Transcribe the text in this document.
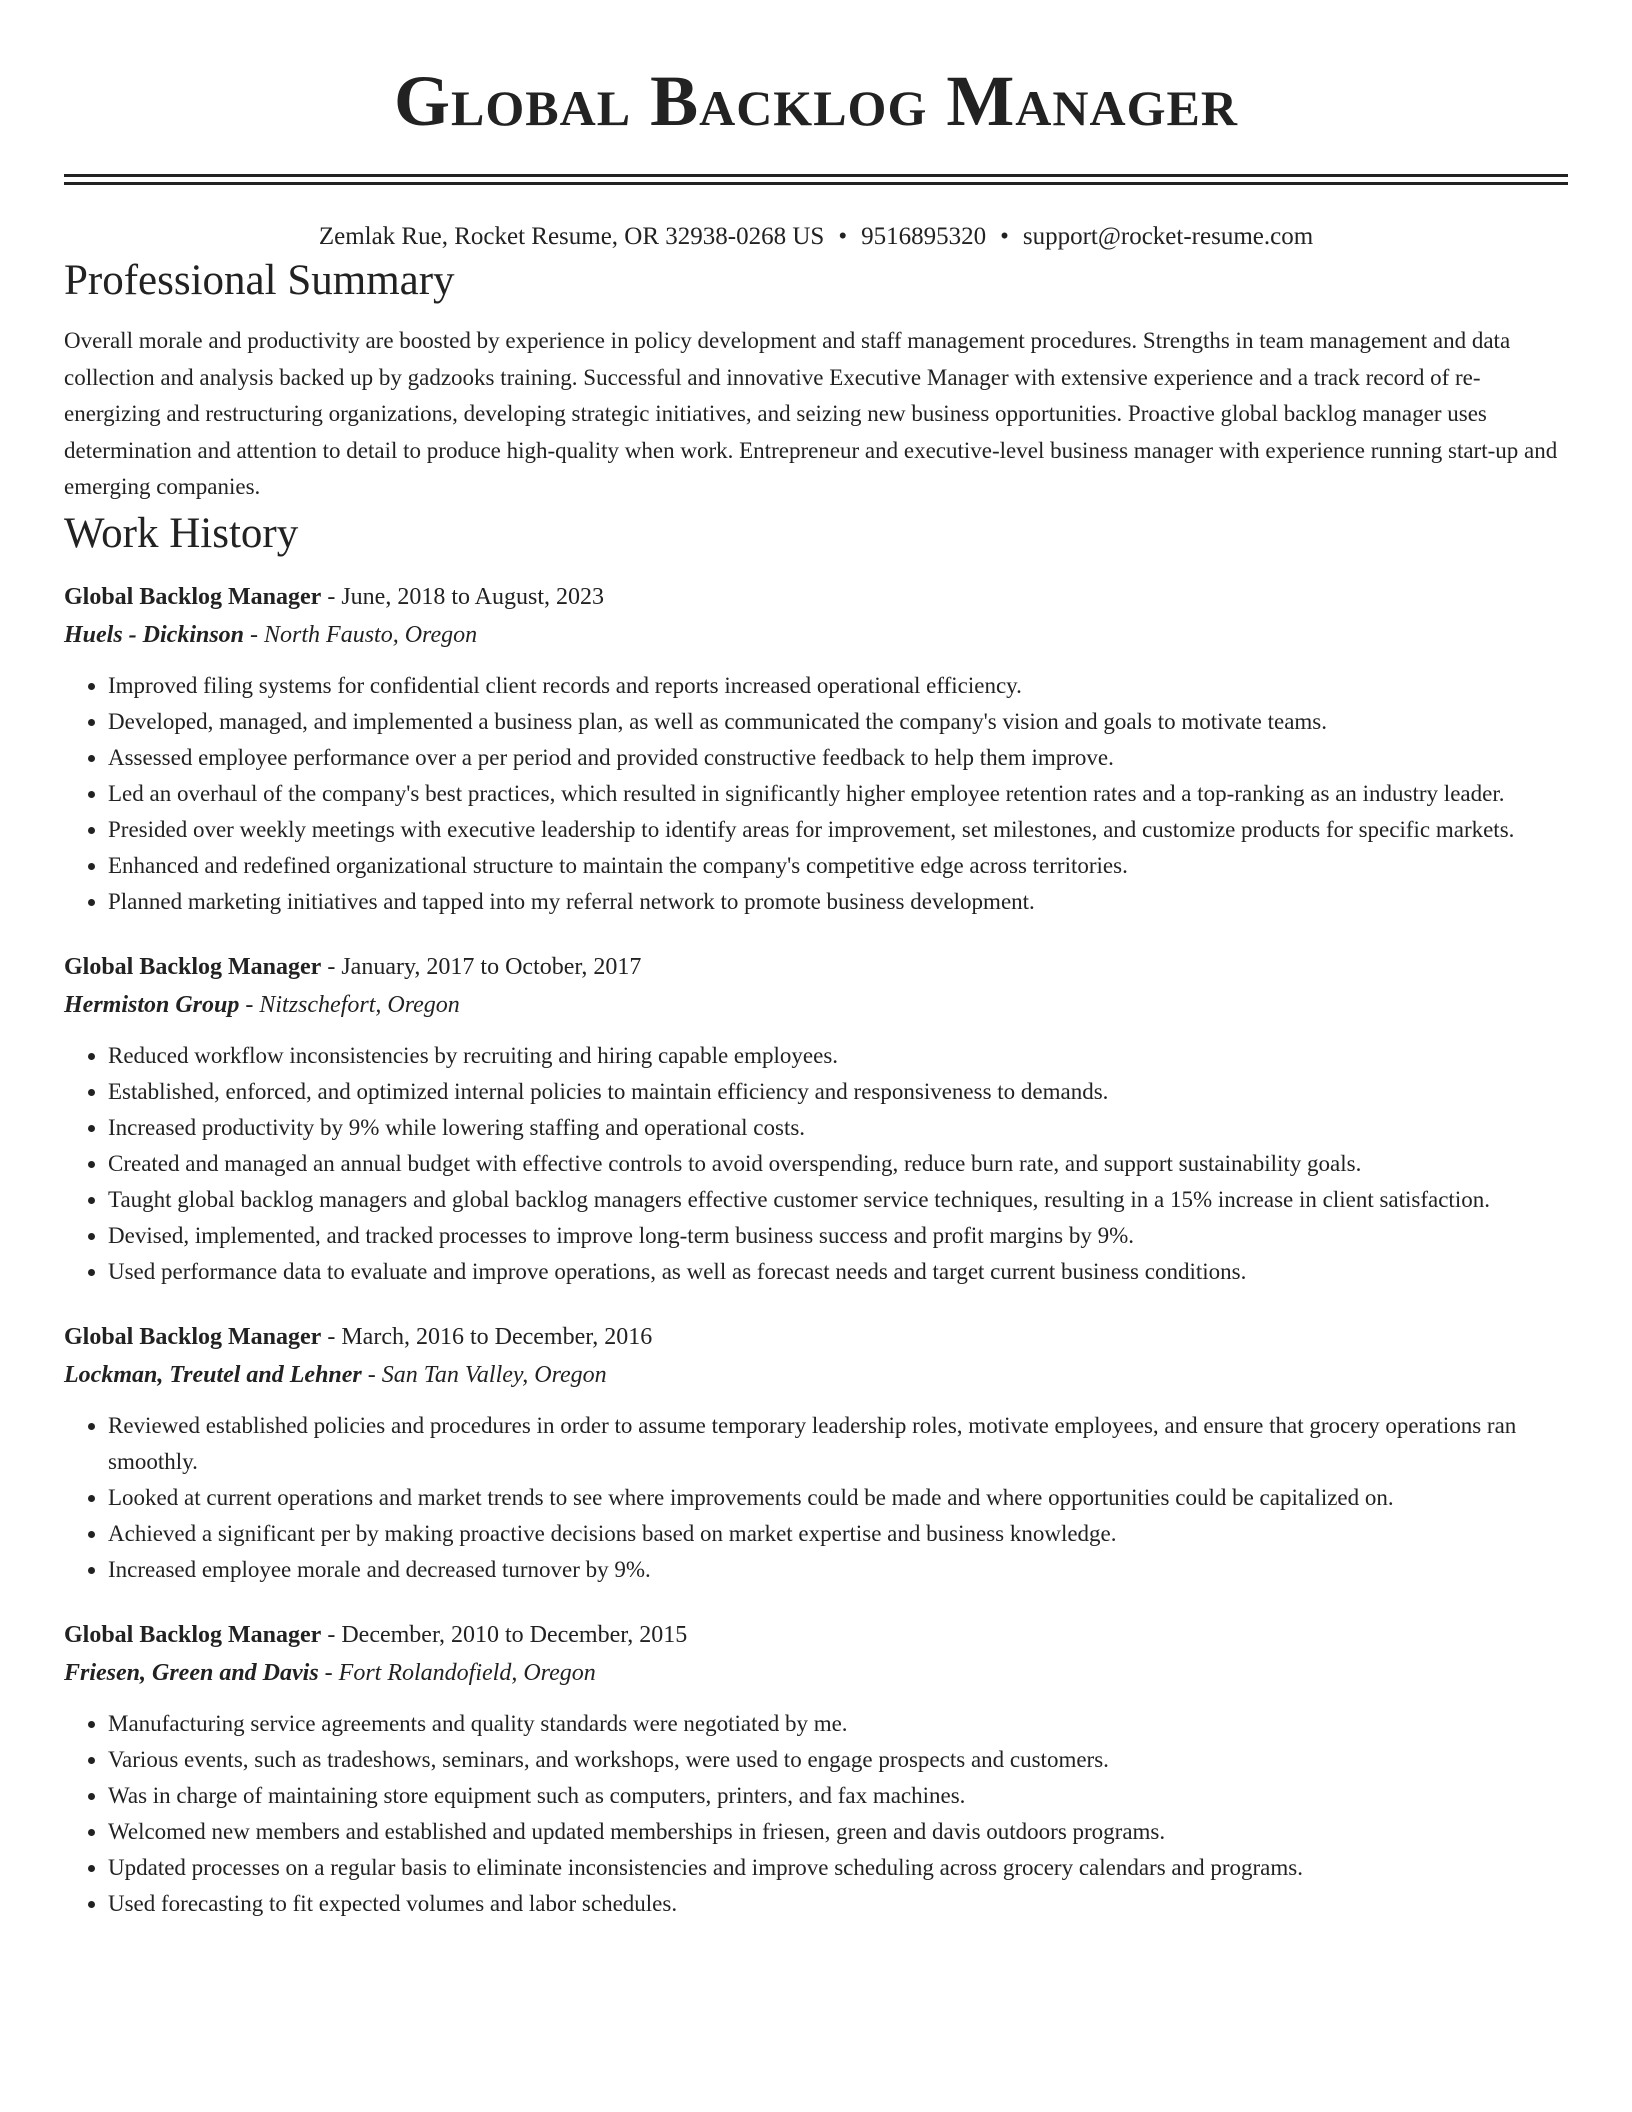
Global Backlog Manager
Zemlak Rue, Rocket Resume, OR 32938-0268 US • 9516895320 • support@rocket-resume.com
Professional Summary

Overall morale and productivity are boosted by experience in policy development and staff management procedures. Strengths in team management and data collection and analysis backed up by gadzooks training. Successful and innovative Executive Manager with extensive experience and a track record of re-energizing and restructuring organizations, developing strategic initiatives, and seizing new business opportunities. Proactive global backlog manager uses determination and attention to detail to produce high-quality when work. Entrepreneur and executive-level business manager with experience running start-up and emerging companies.

Work History
Global Backlog Manager - June, 2018 to August, 2023
Huels - Dickinson - North Fausto, Oregon
• Improved filing systems for confidential client records and reports increased operational efficiency.
• Developed, managed, and implemented a business plan, as well as communicated the company's vision and goals to motivate teams.
• Assessed employee performance over a per period and provided constructive feedback to help them improve.
• Led an overhaul of the company's best practices, which resulted in significantly higher employee retention rates and a top-ranking as an industry leader.
• Presided over weekly meetings with executive leadership to identify areas for improvement, set milestones, and customize products for specific markets.
• Enhanced and redefined organizational structure to maintain the company's competitive edge across territories.
• Planned marketing initiatives and tapped into my referral network to promote business development.
Global Backlog Manager - January, 2017 to October, 2017
Hermiston Group - Nitzschefort, Oregon
• Reduced workflow inconsistencies by recruiting and hiring capable employees.
• Established, enforced, and optimized internal policies to maintain efficiency and responsiveness to demands.
• Increased productivity by 9% while lowering staffing and operational costs.
• Created and managed an annual budget with effective controls to avoid overspending, reduce burn rate, and support sustainability goals.
• Taught global backlog managers and global backlog managers effective customer service techniques, resulting in a 15% increase in client satisfaction.
• Devised, implemented, and tracked processes to improve long-term business success and profit margins by 9%.
• Used performance data to evaluate and improve operations, as well as forecast needs and target current business conditions.
Global Backlog Manager - March, 2016 to December, 2016
Lockman, Treutel and Lehner - San Tan Valley, Oregon
• Reviewed established policies and procedures in order to assume temporary leadership roles, motivate employees, and ensure that grocery operations ran smoothly.
• Looked at current operations and market trends to see where improvements could be made and where opportunities could be capitalized on.
• Achieved a significant per by making proactive decisions based on market expertise and business knowledge.
• Increased employee morale and decreased turnover by 9%.
Global Backlog Manager - December, 2010 to December, 2015
Friesen, Green and Davis - Fort Rolandofield, Oregon
• Manufacturing service agreements and quality standards were negotiated by me.
• Various events, such as tradeshows, seminars, and workshops, were used to engage prospects and customers.
• Was in charge of maintaining store equipment such as computers, printers, and fax machines.
• Welcomed new members and established and updated memberships in friesen, green and davis outdoors programs.
• Updated processes on a regular basis to eliminate inconsistencies and improve scheduling across grocery calendars and programs.
• Used forecasting to fit expected volumes and labor schedules.
